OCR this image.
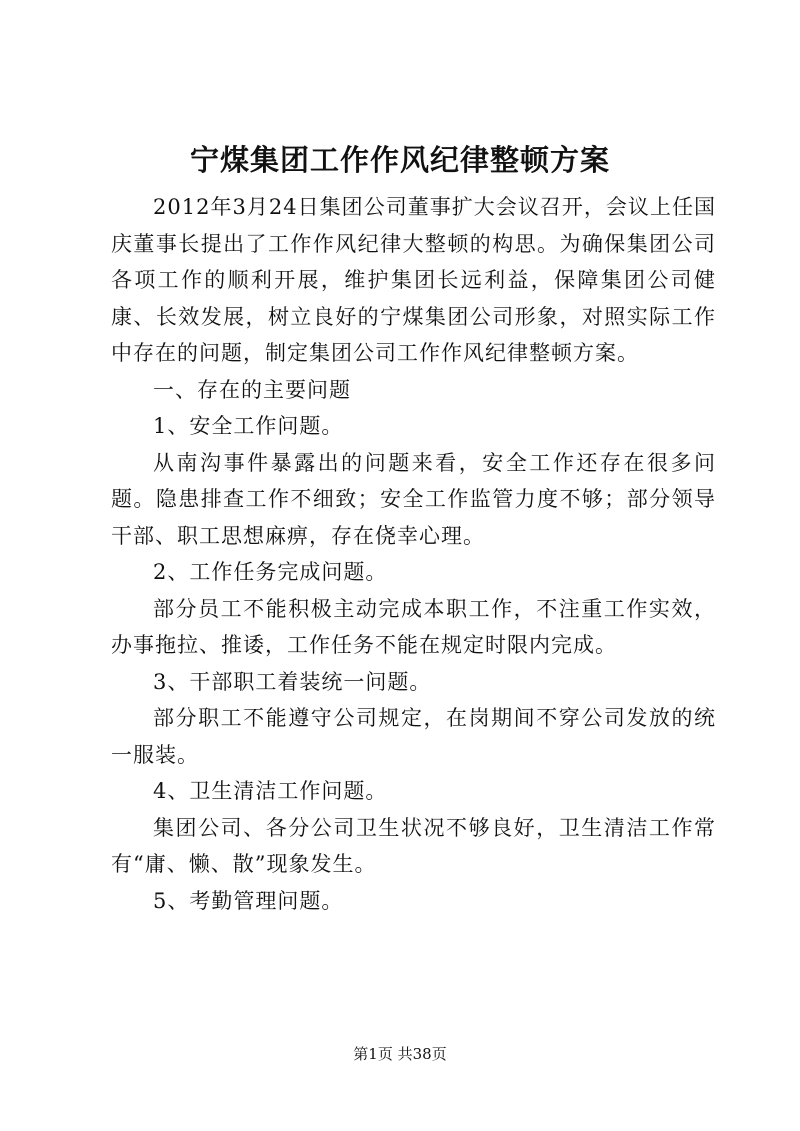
宁煤集团工作作风纪律整顿方案

2012年3月24日集团公司董事扩大会议召开，会议上任国庆董事长提出了工作作风纪律大整顿的构思。为确保集团公司各项工作的顺利开展，维护集团长远利益，保障集团公司健康、长效发展，树立良好的宁煤集团公司形象，对照实际工作中存在的问题，制定集团公司工作作风纪律整顿方案。

一、存在的主要问题

1、安全工作问题。

从南沟事件暴露出的问题来看，安全工作还存在很多问题。隐患排查工作不细致；安全工作监管力度不够；部分领导干部、职工思想麻痹，存在侥幸心理。

2、工作任务完成问题。

部分员工不能积极主动完成本职工作，不注重工作实效，办事拖拉、推诿，工作任务不能在规定时限内完成。

3、干部职工着装统一问题。

部分职工不能遵守公司规定，在岗期间不穿公司发放的统一服装。

4、卫生清洁工作问题。

集团公司、各分公司卫生状况不够良好，卫生清洁工作常有“庸、懒、散”现象发生。

5、考勤管理问题。

第1页 共38页
